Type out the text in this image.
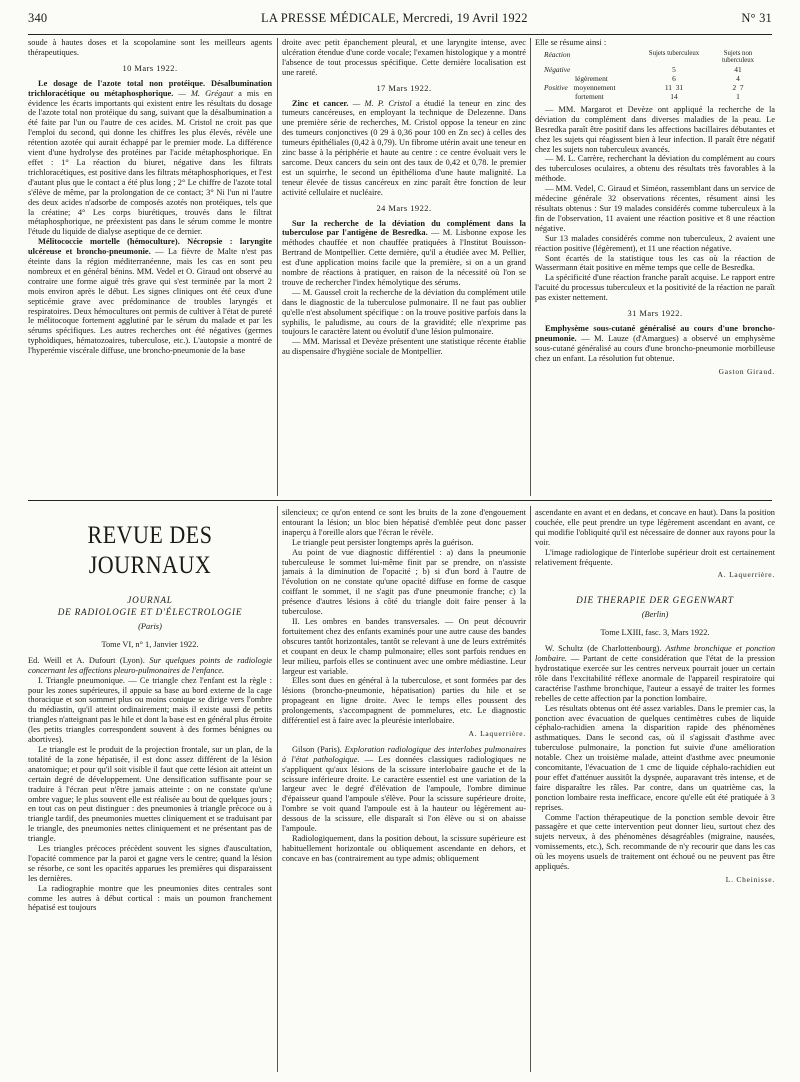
340	LA PRESSE MÉDICALE, Mercredi, 19 Avril 1922	N° 31

soude à hautes doses et la scopolamine sont les meilleurs agents thérapeutiques.

10 Mars 1922.

Le dosage de l'azote total non protéique. Désalbumination trichloracétique ou métaphosphorique. — M. Grégaut a mis en évidence les écarts importants qui existent entre les résultats du dosage de l'azote total non protéique du sang, suivant que la désalbumination a été faite par l'un ou l'autre de ces acides. M. Cristol ne croit pas que l'emploi du second, qui donne les chiffres les plus élevés, révèle une rétention azotée qui aurait échappé par le premier mode. La différence vient d'une hydrolyse des protéines par l'acide métaphosphorique. En effet : 1° La réaction du biuret, négative dans les filtrats trichloracétiques, est positive dans les filtrats métaphosphoriques, et l'est d'autant plus que le contact a été plus long ; 2° Le chiffre de l'azote total s'élève de même, par la prolongation de ce contact; 3° Ni l'un ni l'autre des deux acides n'adsorbe de composés azotés non protéiques, tels que la créatine; 4° Les corps biurétiques, trouvés dans le filtrat métaphosphorique, ne préexistent pas dans le sérum comme le montre l'étude du liquide de dialyse aseptique de ce dernier.

Mélitococcie mortelle (hémoculture). Nécropsie : laryngite ulcéreuse et broncho-pneumonie. — La fièvre de Malte n'est pas éteinte dans la région méditerranéenne, mais les cas en sont peu nombreux et en général bénins. MM. Vedel et O. Giraud ont observé au contraire une forme aiguë très grave qui s'est terminée par la mort 2 mois environ après le début. Les signes cliniques ont été ceux d'une septicémie grave avec prédominance de troubles laryngés et respiratoires. Deux hémocultures ont permis de cultiver à l'état de pureté le mélitocoque fortement agglutiné par le sérum du malade et par les sérums spécifiques. Les autres recherches ont été négatives (germes typhoïdiques, hématozoaires, tuberculose, etc.). L'autopsie a montré de l'hyperémie viscérale diffuse, une broncho-pneumonie de la base

droite avec petit épanchement pleural, et une laryngite intense, avec ulcération étendue d'une corde vocale; l'examen histologique y a montré l'absence de tout processus spécifique. Cette dernière localisation est une rareté.

17 Mars 1922.

Zinc et cancer. — M. P. Cristol a étudié la teneur en zinc des tumeurs cancéreuses, en employant la technique de Delezenne. Dans une première série de recherches, M. Cristol oppose la teneur en zinc des tumeurs conjonctives (0 29 à 0,36 pour 100 en Zn sec) à celles des tumeurs épithéliales (0,42 à 0,79). Un fibrome utérin avait une teneur en zinc basse à la périphérie et haute au centre : ce centre évoluait vers le sarcome. Deux cancers du sein ont des taux de 0,42 et 0,78. le premier est un squirrhe, le second un épithélioma d'une haute malignité. La teneur élevée de tissus cancéreux en zinc paraît être fonction de leur activité cellulaire et nucléaire.

24 Mars 1922.

Sur la recherche de la déviation du complément dans la tuberculose par l'antigène de Besredka. — M. Lisbonne expose les méthodes chauffée et non chauffée pratiquées à l'Institut Bouisson-Bertrand de Montpellier. Cette dernière, qu'il a étudiée avec M. Pellier, est d'une application moins facile que la première, si on a un grand nombre de réactions à pratiquer, en raison de la nécessité où l'on se trouve de rechercher l'index hémolytique des sérums.

— M. Gaussel croit la recherche de la déviation du complément utile dans le diagnostic de la tuberculose pulmonaire. Il ne faut pas oublier qu'elle n'est absolument spécifique : on la trouve positive parfois dans la syphilis, le paludisme, au cours de la gravidité; elle n'exprime pas toujours le caractère latent ou évolutif d'une lésion pulmonaire.

— MM. Marissal et Devèze présentent une statistique récente établie au dispensaire d'hygiène sociale de Montpellier.

Elle se résume ainsi :

Réaction		Sujets tuberculeux		Sujets non tuberculeux
Négative		5		41
légèrement		6		4
Positive moyennement		11 31		2 7
fortement		14		1

— MM. Margarot et Devèze ont appliqué la recherche de la déviation du complément dans diverses maladies de la peau. Le Besredka paraît être positif dans les affections bacillaires débutantes et chez les sujets qui réagissent bien à leur infection. Il paraît être négatif chez les sujets non tuberculeux avancés.

— M. L. Carrère, recherchant la déviation du complément au cours des tuberculoses oculaires, a obtenu des résultats très favorables à la méthode.

— MM. Vedel, C. Giraud et Siméon, rassemblant dans un service de médecine générale 32 observations récentes, résument ainsi les résultats obtenus : Sur 19 malades considérés comme tuberculeux à la fin de l'observation, 11 avaient une réaction positive et 8 une réaction négative.

Sur 13 malades considérés comme non tuberculeux, 2 avaient une réaction positive (légèrement), et 11 une réaction négative.

Sont écartés de la statistique tous les cas où la réaction de Wassermann était positive en même temps que celle de Besredka.

La spécificité d'une réaction franche paraît acquise. Le rapport entre l'acuité du processus tuberculeux et la positivité de la réaction ne paraît pas exister nettement.

31 Mars 1922.

Emphysème sous-cutané généralisé au cours d'une broncho-pneumonie. — M. Lauze (d'Amargues) a observé un emphysème sous-cutané généralisé au cours d'une broncho-pneumonie morbilleuse chez un enfant. La résolution fut obtenue.

Gaston Giraud.
REVUE DES JOURNAUX
JOURNAL
DE RADIOLOGIE ET D'ÉLECTROLOGIE
(Paris)
Tome VI, n° 1, Janvier 1922.

Ed. Weill et A. Dufourt (Lyon). Sur quelques points de radiologie concernant les affections pleuro-pulmonaires de l'enfance.

I. Triangle pneumonique. — Ce triangle chez l'enfant est la règle : pour les zones supérieures, il appuie sa base au bord externe de la cage thoracique et son sommet plus ou moins conique se dirige vers l'ombre du médiastin, qu'il atteint ordinairement; mais il existe aussi de petits triangles n'atteignant pas le hile et dont la base est en général plus étroite (les petits triangles correspondent souvent à des formes bénignes ou abortives).

Le triangle est le produit de la projection frontale, sur un plan, de la totalité de la zone hépatisée, il est donc assez différent de la lésion anatomique; et pour qu'il soit visible il faut que cette lésion ait atteint un certain degré de développement. Une densification suffisante pour se traduire à l'écran peut n'être jamais atteinte : on ne constate qu'une ombre vague; le plus souvent elle est réalisée au bout de quelques jours ; en tout cas on peut distinguer : des pneumonies à triangle précoce ou à triangle tardif, des pneumonies muettes cliniquement et se traduisant par le triangle, des pneumonies nettes cliniquement et ne présentant pas de triangle.

Les triangles précoces précèdent souvent les signes d'auscultation, l'opacité commence par la paroi et gagne vers le centre; quand la lésion se résorbe, ce sont les opacités apparues les premières qui disparaissent les dernières.

La radiographie montre que les pneumonies dites centrales sont comme les autres à début cortical : mais un poumon franchement hépatisé est toujours

silencieux; ce qu'on entend ce sont les bruits de la zone d'engouement entourant la lésion; un bloc bien hépatisé d'emblée peut donc passer inaperçu à l'oreille alors que l'écran le révèle.

Le triangle peut persister longtemps après la guérison.

Au point de vue diagnostic différentiel : a) dans la pneumonie tuberculeuse le sommet lui-même finit par se prendre, on n'assiste jamais à la diminution de l'opacité ; b) si d'un bord à l'autre de l'évolution on ne constate qu'une opacité diffuse en forme de casque coiffant le sommet, il ne s'agit pas d'une pneumonie franche; c) la présence d'autres lésions à côté du triangle doit faire penser à la tuberculose.

II. Les ombres en bandes transversales. — On peut découvrir fortuitement chez des enfants examinés pour une autre cause des bandes obscures tantôt horizontales, tantôt se relevant à une de leurs extrémités et coupant en deux le champ pulmonaire; elles sont parfois rendues en leur milieu, parfois elles se continuent avec une ombre médiastine. Leur largeur est variable.

Elles sont dues en général à la tuberculose, et sont formées par des lésions (broncho-pneumonie, hépatisation) parties du hile et se propageant en ligne droite. Avec le temps elles poussent des prolongements, s'accompagnent de pommelures, etc. Le diagnostic différentiel est à faire avec la pleurésie interlobaire.

A. Laquerrière.

Gilson (Paris). Exploration radiologique des interlobes pulmonaires à l'état pathologique. — Les données classiques radiologiques ne s'appliquent qu'aux lésions de la scissure interlobaire gauche et de la scissure inférieure droite. Le caractère essentiel est une variation de la largeur avec le degré d'élévation de l'ampoule, l'ombre diminue d'épaisseur quand l'ampoule s'élève. Pour la scissure supérieure droite, l'ombre se voit quand l'ampoule est à la hauteur ou légèrement au-dessous de la scissure, elle disparaît si l'on élève ou si on abaisse l'ampoule.

Radiologiquement, dans la position debout, la scissure supérieure est habituellement horizontale ou obliquement ascendante en dehors, et concave en bas (contrairement au type admis; obliquement

ascendante en avant et en dedans, et concave en haut). Dans la position couchée, elle peut prendre un type légèrement ascendant en avant, ce qui modifie l'obliquité qu'il est nécessaire de donner aux rayons pour la voir.

L'image radiologique de l'interlobe supérieur droit est certainement relativement fréquente.

A. Laquerrière.
DIE THERAPIE DER GEGENWART
(Berlin)
Tome LXIII, fasc. 3, Mars 1922.

W. Schultz (de Charlottenbourg). Asthme bronchique et ponction lombaire. — Partant de cette considération que l'état de la pression hydrostatique exercée sur les centres nerveux pourrait jouer un certain rôle dans l'excitabilité réflexe anormale de l'appareil respiratoire qui caractérise l'asthme bronchique, l'auteur a essayé de traiter les formes rebelles de cette affection par la ponction lombaire.

Les résultats obtenus ont été assez variables. Dans le premier cas, la ponction avec évacuation de quelques centimètres cubes de liquide céphalo-rachidien amena la disparition rapide des phénomènes asthmatiques. Dans le second cas, où il s'agissait d'asthme avec tuberculose pulmonaire, la ponction fut suivie d'une amélioration notable. Chez un troisième malade, atteint d'asthme avec pneumonie concomitante, l'évacuation de 1 cmc de liquide céphalo-rachidien eut pour effet d'atténuer aussitôt la dyspnée, auparavant très intense, et de faire disparaître les râles. Par contre, dans un quatrième cas, la ponction lombaire resta inefficace, encore qu'elle eût été pratiquée à 3 reprises.

Comme l'action thérapeutique de la ponction semble devoir être passagère et que cette intervention peut donner lieu, surtout chez des sujets nerveux, à des phénomènes désagréables (migraine, nausées, vomissements, etc.), Sch. recommande de n'y recourir que dans les cas où les moyens usuels de traitement ont échoué ou ne peuvent pas être appliqués.

L. Cheinisse.
